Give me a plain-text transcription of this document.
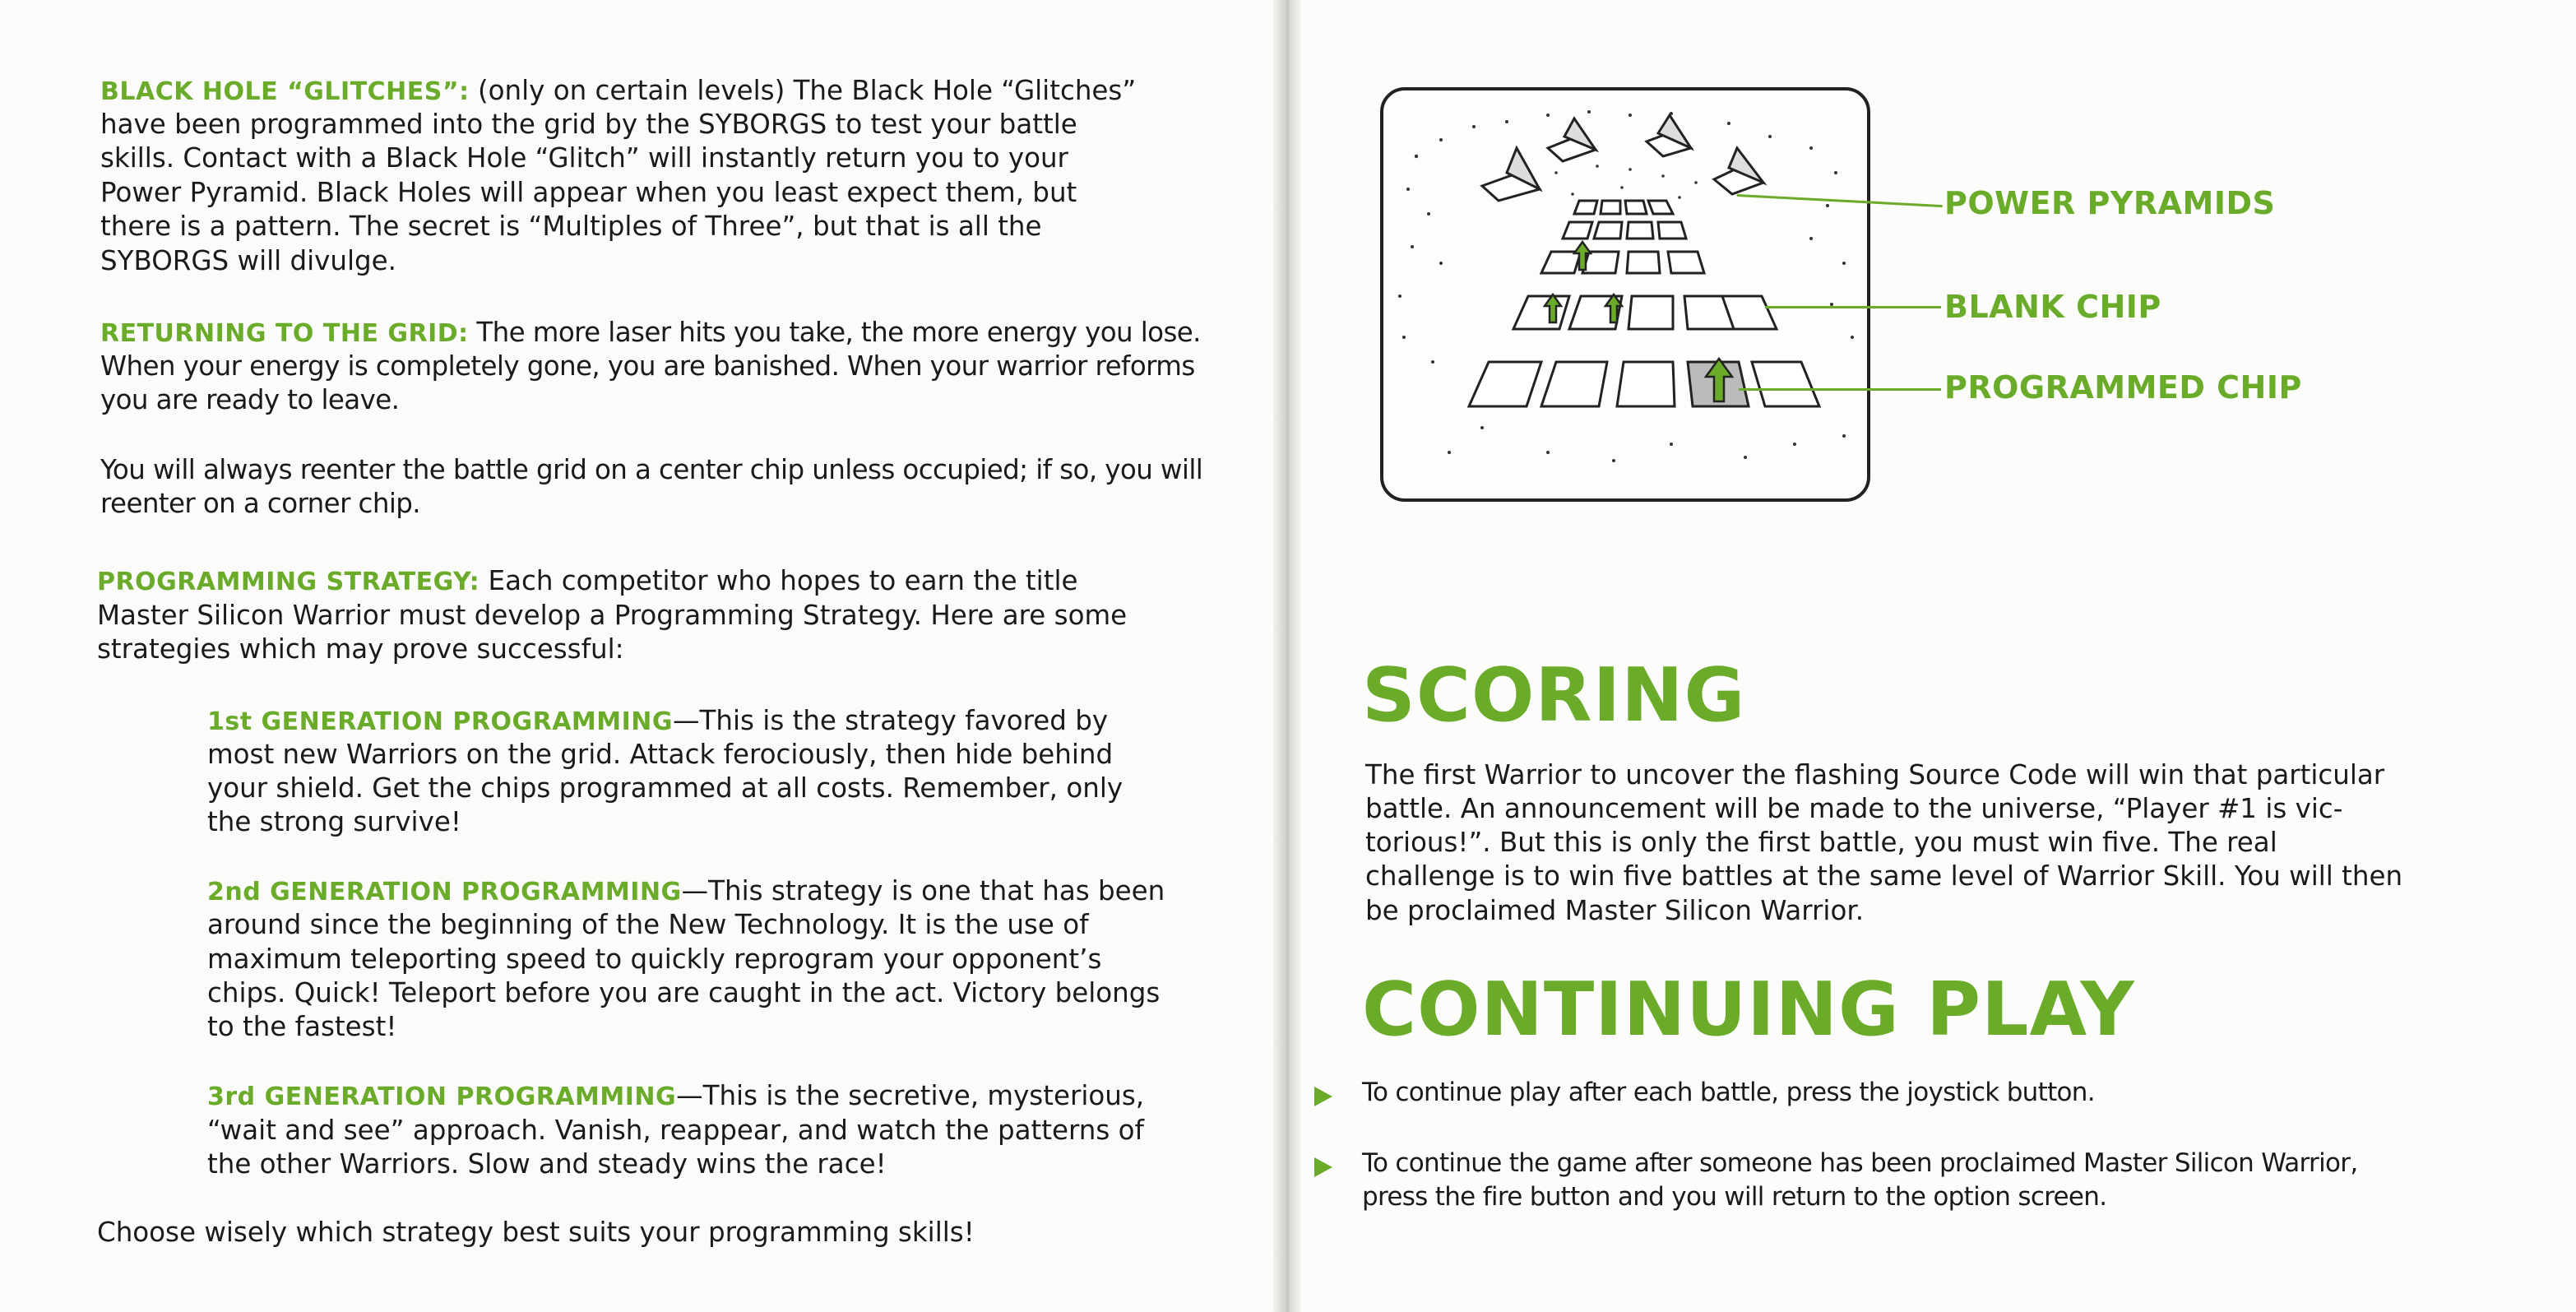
BLACK HOLE “GLITCHES”: (only on certain levels) The Black Hole “Glitches”
have been programmed into the grid by the SYBORGS to test your battle
skills. Contact with a Black Hole “Glitch” will instantly return you to your
Power Pyramid. Black Holes will appear when you least expect them, but
there is a pattern. The secret is “Multiples of Three”, but that is all the
SYBORGS will divulge.
RETURNING TO THE GRID: The more laser hits you take, the more energy you lose.
When your energy is completely gone, you are banished. When your warrior reforms
you are ready to leave.
You will always reenter the battle grid on a center chip unless occupied; if so, you will
reenter on a corner chip.
PROGRAMMING STRATEGY: Each competitor who hopes to earn the title
Master Silicon Warrior must develop a Programming Strategy. Here are some
strategies which may prove successful:
1st GENERATION PROGRAMMING—This is the strategy favored by
most new Warriors on the grid. Attack ferociously, then hide behind
your shield. Get the chips programmed at all costs. Remember, only
the strong survive!
2nd GENERATION PROGRAMMING—This strategy is one that has been
around since the beginning of the New Technology. It is the use of
maximum teleporting speed to quickly reprogram your opponent’s
chips. Quick! Teleport before you are caught in the act. Victory belongs
to the fastest!
3rd GENERATION PROGRAMMING—This is the secretive, mysterious,
“wait and see” approach. Vanish, reappear, and watch the patterns of
the other Warriors. Slow and steady wins the race!
Choose wisely which strategy best suits your programming skills!
POWER PYRAMIDS
BLANK CHIP
PROGRAMMED CHIP
SCORING
The first Warrior to uncover the flashing Source Code will win that particular
battle. An announcement will be made to the universe, “Player #1 is vic-
torious!”. But this is only the first battle, you must win five. The real
challenge is to win five battles at the same level of Warrior Skill. You will then
be proclaimed Master Silicon Warrior.
CONTINUING PLAY
To continue play after each battle, press the joystick button.
To continue the game after someone has been proclaimed Master Silicon Warrior,
press the fire button and you will return to the option screen.
